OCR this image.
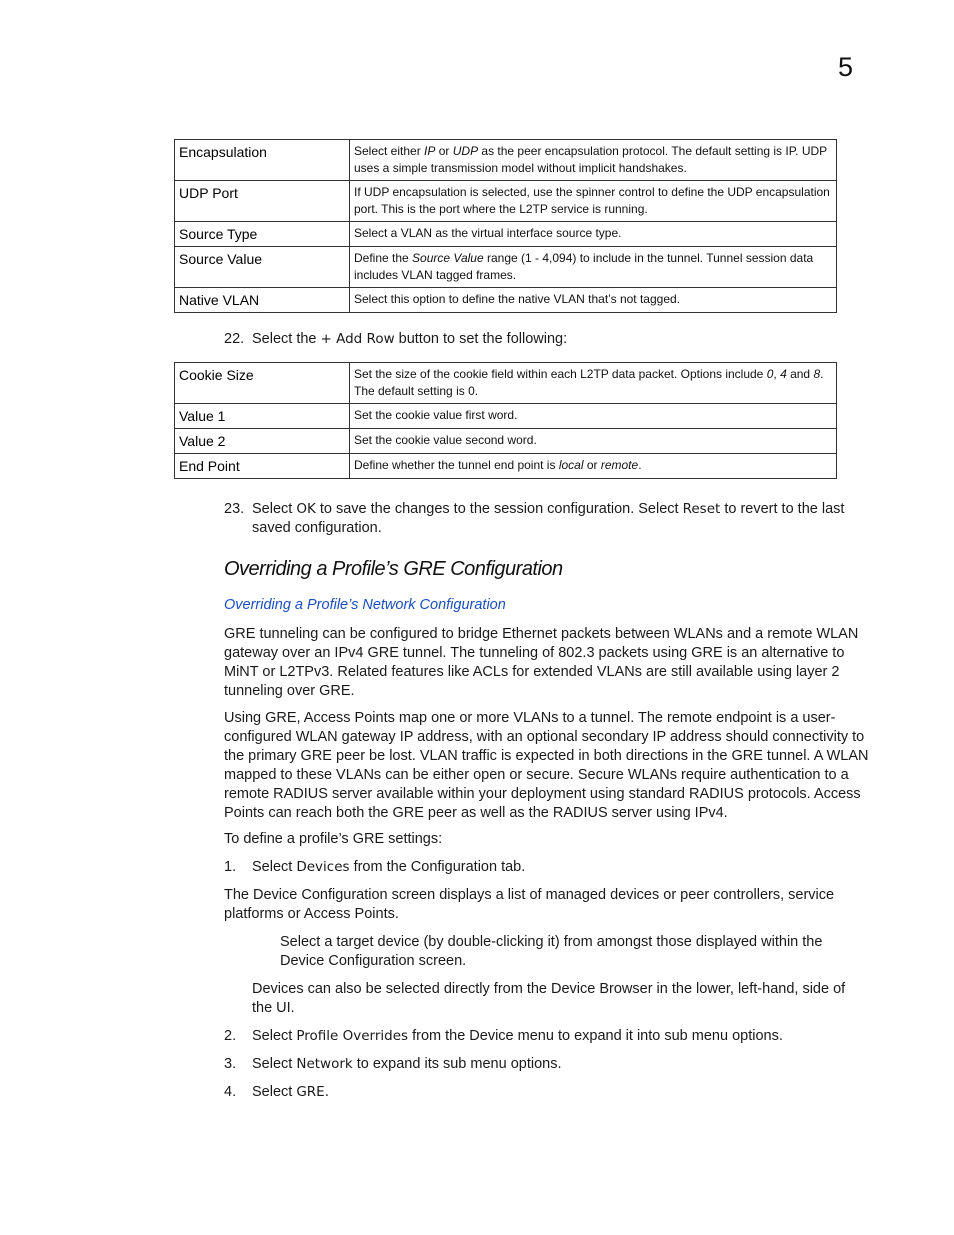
5
Encapsulation	Select either IP or UDP as the peer encapsulation protocol. The default setting is IP. UDP uses a simple transmission model without implicit handshakes.
UDP Port	If UDP encapsulation is selected, use the spinner control to define the UDP encapsulation port. This is the port where the L2TP service is running.
Source Type	Select a VLAN as the virtual interface source type.
Source Value	Define the Source Value range (1 - 4,094) to include in the tunnel. Tunnel session data includes VLAN tagged frames.
Native VLAN	Select this option to define the native VLAN that’s not tagged.
22. Select the + Add Row button to set the following:
Cookie Size	Set the size of the cookie field within each L2TP data packet. Options include 0, 4 and 8. The default setting is 0.
Value 1	Set the cookie value first word.
Value 2	Set the cookie value second word.
End Point	Define whether the tunnel end point is local or remote.
23. Select OK to save the changes to the session configuration. Select Reset to revert to the last saved configuration.
Overriding a Profile’s GRE Configuration
Overriding a Profile’s Network Configuration
GRE tunneling can be configured to bridge Ethernet packets between WLANs and a remote WLAN gateway over an IPv4 GRE tunnel. The tunneling of 802.3 packets using GRE is an alternative to MiNT or L2TPv3. Related features like ACLs for extended VLANs are still available using layer 2 tunneling over GRE.
Using GRE, Access Points map one or more VLANs to a tunnel. The remote endpoint is a user-configured WLAN gateway IP address, with an optional secondary IP address should connectivity to the primary GRE peer be lost. VLAN traffic is expected in both directions in the GRE tunnel. A WLAN mapped to these VLANs can be either open or secure. Secure WLANs require authentication to a remote RADIUS server available within your deployment using standard RADIUS protocols. Access Points can reach both the GRE peer as well as the RADIUS server using IPv4.
To define a profile’s GRE settings:
1. Select Devices from the Configuration tab.
The Device Configuration screen displays a list of managed devices or peer controllers, service platforms or Access Points.
Select a target device (by double-clicking it) from amongst those displayed within the Device Configuration screen.
Devices can also be selected directly from the Device Browser in the lower, left-hand, side of the UI.
2. Select Profile Overrides from the Device menu to expand it into sub menu options.
3. Select Network to expand its sub menu options.
4. Select GRE.
